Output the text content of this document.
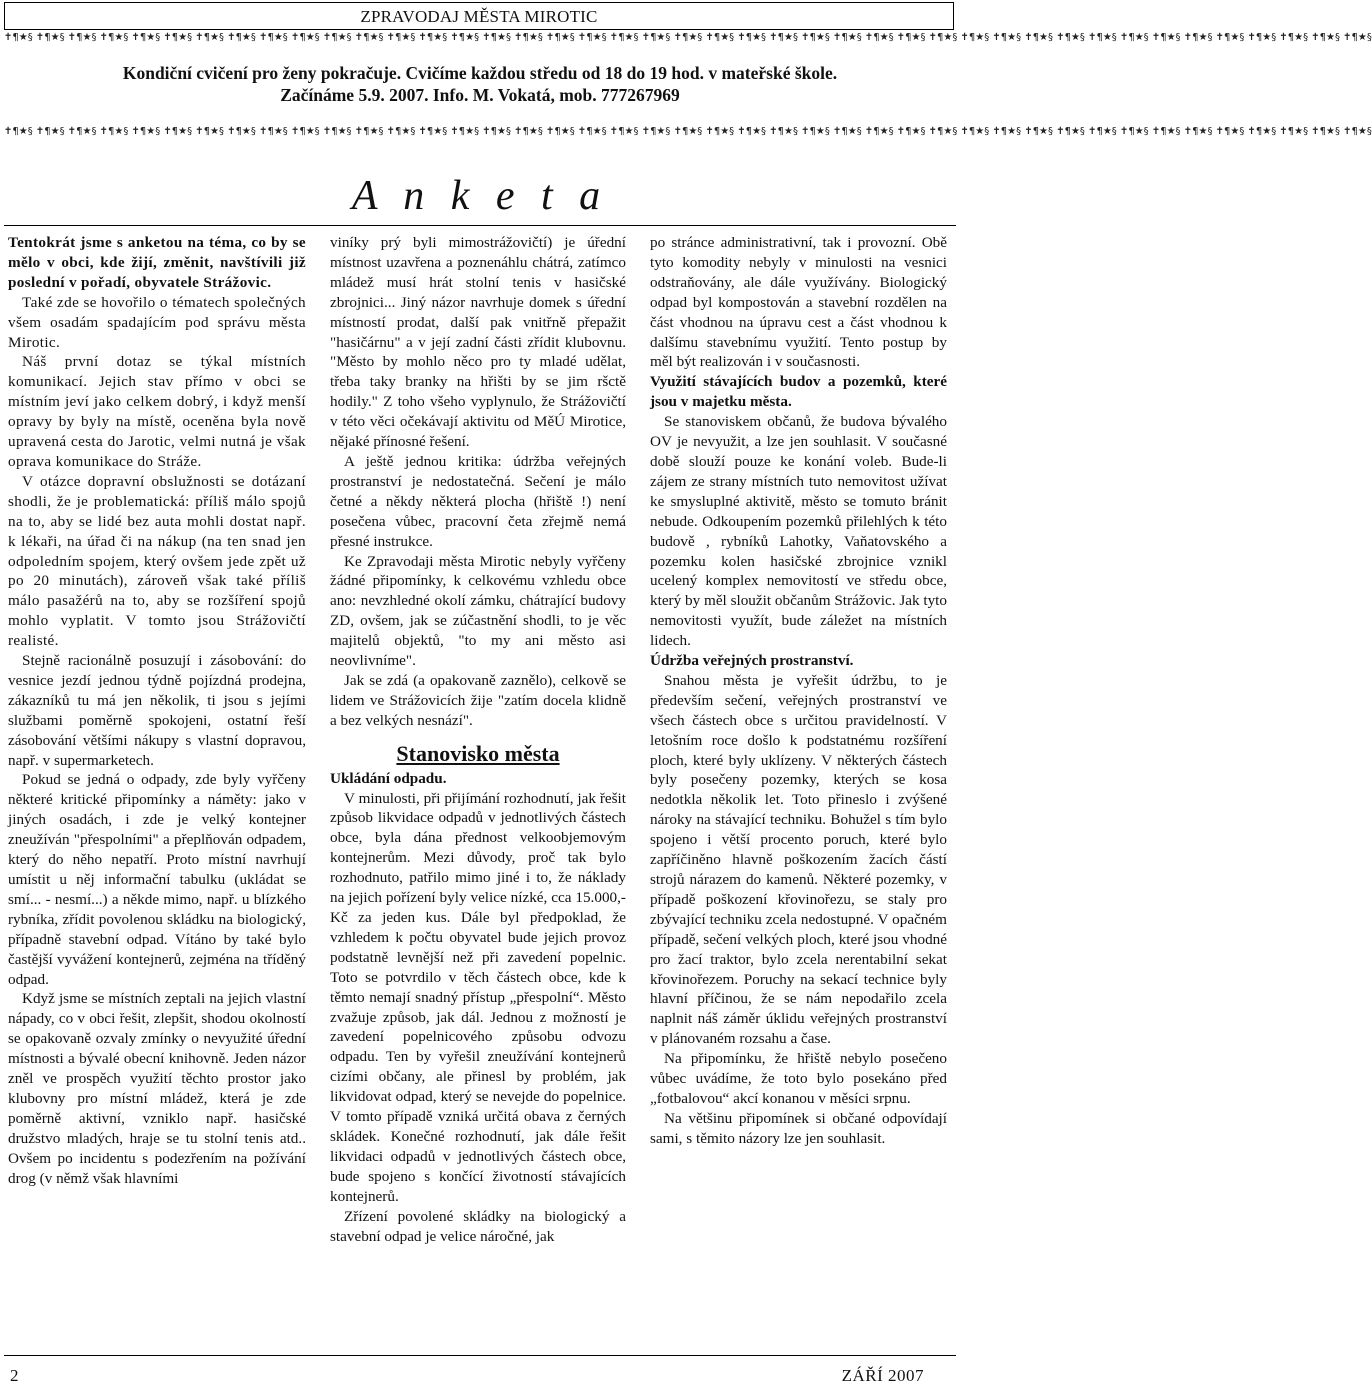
ZPRAVODAJ MĚSTA MIROTIC
✝¶★§ ✝¶★§ ✝¶★§ ✝¶★§ ✝¶★§ ✝¶★§ ✝¶★§ ✝¶★§ ✝¶★§ ✝¶★§ ✝¶★§ ✝¶★§ ✝¶★§ ✝¶★§ ✝¶★§ ✝¶★§ ✝¶★§ ✝¶★§ ✝¶★§ ✝¶★§ ✝¶★§ ✝¶★§ ✝¶★§ ✝¶★§ ✝¶★§ ✝¶★§ ✝¶★§ ✝¶★§ ✝¶★§ ✝¶★§ ✝¶★§ ✝¶★§ ✝¶★§ ✝¶★§ ✝¶★§ ✝¶★§ ✝¶★§ ✝¶★§ ✝¶★§ ✝¶★§ ✝¶★§ ✝¶★§ ✝¶★§
Kondiční cvičení pro ženy pokračuje. Cvičíme každou středu od 18 do 19 hod. v mateřské škole.
Začínáme 5.9. 2007. Info. M. Vokatá, mob. 777267969
✝¶★§ ✝¶★§ ✝¶★§ ✝¶★§ ✝¶★§ ✝¶★§ ✝¶★§ ✝¶★§ ✝¶★§ ✝¶★§ ✝¶★§ ✝¶★§ ✝¶★§ ✝¶★§ ✝¶★§ ✝¶★§ ✝¶★§ ✝¶★§ ✝¶★§ ✝¶★§ ✝¶★§ ✝¶★§ ✝¶★§ ✝¶★§ ✝¶★§ ✝¶★§ ✝¶★§ ✝¶★§ ✝¶★§ ✝¶★§ ✝¶★§ ✝¶★§ ✝¶★§ ✝¶★§ ✝¶★§ ✝¶★§ ✝¶★§ ✝¶★§ ✝¶★§ ✝¶★§ ✝¶★§ ✝¶★§ ✝¶★§
A n k e t a

Tentokrát jsme s anketou na téma, co by se mělo v obci, kde žijí, změnit, navštívili již poslední v pořadí, obyvatele Strážovic.

Také zde se hovořilo o tématech společných všem osadám spadajícím pod správu města Mirotic.

Náš první dotaz se týkal místních komunikací. Jejich stav přímo v obci se místním jeví jako celkem dobrý, i když menší opravy by byly na místě, oceněna byla nově upravená cesta do Jarotic, velmi nutná je však oprava komunikace do Stráže.

V otázce dopravní obslužnosti se dotázaní shodli, že je problematická: příliš málo spojů na to, aby se lidé bez auta mohli dostat např. k lékaři, na úřad či na nákup (na ten snad jen odpoledním spojem, který ovšem jede zpět už po 20 minutách), zároveň však také příliš málo pasažérů na to, aby se rozšíření spojů mohlo vyplatit. V tomto jsou Strážovičtí realisté.

Stejně racionálně posuzují i zásobování: do vesnice jezdí jednou týdně pojízdná prodejna, zákazníků tu má jen několik, ti jsou s jejími službami poměrně spokojeni, ostatní řeší zásobování většími nákupy s vlastní dopravou, např. v supermarketech.

Pokud se jedná o odpady, zde byly vyřčeny některé kritické připomínky a náměty: jako v jiných osadách, i zde je velký kontejner zneužíván "přespolními" a přeplňován odpadem, který do něho nepatří. Proto místní navrhují umístit u něj informační tabulku (ukládat se smí... - nesmí...) a někde mimo, např. u blízkého rybníka, zřídit povolenou skládku na biologický, případně stavební odpad. Vítáno by také bylo častější vyvážení kontejnerů, zejména na tříděný odpad.

Když jsme se místních zeptali na jejich vlastní nápady, co v obci řešit, zlepšit, shodou okolností se opakovaně ozvaly zmínky o nevyužité úřední místnosti a bývalé obecní knihovně. Jeden názor zněl ve prospěch využití těchto prostor jako klubovny pro místní mládež, která je zde poměrně aktivní, vzniklo např. hasičské družstvo mladých, hraje se tu stolní tenis atd.. Ovšem po incidentu s podezřením na požívání drog (v němž však hlavními

viníky prý byli mimostrážovičtí) je úřední místnost uzavřena a poznenáhlu chátrá, zatímco mládež musí hrát stolní tenis v hasičské zbrojnici... Jiný názor navrhuje domek s úřední místností prodat, další pak vnitřně přepažit "hasičárnu" a v její zadní části zřídit klubovnu. "Město by mohlo něco pro ty mladé udělat, třeba taky branky na hřišti by se jim ršctě hodily." Z toho všeho vyplynulo, že Strážovičtí v této věci očekávají aktivitu od MěÚ Mirotice, nějaké přínosné řešení.

A ještě jednou kritika: údržba veřejných prostranství je nedostatečná. Sečení je málo četné a někdy některá plocha (hřiště !) není posečena vůbec, pracovní četa zřejmě nemá přesné instrukce.

Ke Zpravodaji města Mirotic nebyly vyřčeny žádné připomínky, k celkovému vzhledu obce ano: nevzhledné okolí zámku, chátrající budovy ZD, ovšem, jak se zúčastnění shodli, to je věc majitelů objektů, "to my ani město asi neovlivníme".

Jak se zdá (a opakovaně zaznělo), celkově se lidem ve Strážovicích žije "zatím docela klidně a bez velkých nesnází".

Stanovisko města

Ukládání odpadu.

V minulosti, při přijímání rozhodnutí, jak řešit způsob likvidace odpadů v jednotlivých částech obce, byla dána přednost velkoobjemovým kontejnerům. Mezi důvody, proč tak bylo rozhodnuto, patřilo mimo jiné i to, že náklady na jejich pořízení byly velice nízké, cca 15.000,- Kč za jeden kus. Dále byl předpoklad, že vzhledem k počtu obyvatel bude jejich provoz podstatně levnější než při zavedení popelnic. Toto se potvrdilo v těch částech obce, kde k těmto nemají snadný přístup „přespolní“. Město zvažuje způsob, jak dál. Jednou z možností je zavedení popelnicového způsobu odvozu odpadu. Ten by vyřešil zneužívání kontejnerů cizími občany, ale přinesl by problém, jak likvidovat odpad, který se nevejde do popelnice. V tomto případě vzniká určitá obava z černých skládek. Konečné rozhodnutí, jak dále řešit likvidaci odpadů v jednotlivých částech obce, bude spojeno s končící životností stávajících kontejnerů.

Zřízení povolené skládky na biologický a stavební odpad je velice náročné, jak

po stránce administrativní, tak i provozní. Obě tyto komodity nebyly v minulosti na vesnici odstraňovány, ale dále využívány. Biologický odpad byl kompostován a stavební rozdělen na část vhodnou na úpravu cest a část vhodnou k dalšímu stavebnímu využití. Tento postup by měl být realizován i v současnosti.

Využití stávajících budov a pozemků, které jsou v majetku města.

Se stanoviskem občanů, že budova bývalého OV je nevyužit, a lze jen souhlasit. V současné době slouží pouze ke konání voleb. Bude-li zájem ze strany místních tuto nemovitost užívat ke smysluplné aktivitě, město se tomuto bránit nebude. Odkoupením pozemků přilehlých k této budově , rybníků Lahotky, Vaňatovského a pozemku kolen hasičské zbrojnice vznikl ucelený komplex nemovitostí ve středu obce, který by měl sloužit občanům Strážovic. Jak tyto nemovitosti využít, bude záležet na místních lidech.

Údržba veřejných prostranství.

Snahou města je vyřešit údržbu, to je především sečení, veřejných prostranství ve všech částech obce s určitou pravidelností. V letošním roce došlo k podstatnému rozšíření ploch, které byly uklízeny. V některých částech byly posečeny pozemky, kterých se kosa nedotkla několik let. Toto přineslo i zvýšené nároky na stávající techniku. Bohužel s tím bylo spojeno i větší procento poruch, které bylo zapříčiněno hlavně poškozením žacích částí strojů nárazem do kamenů. Některé pozemky, v případě poškození křovinořezu, se staly pro zbývající techniku zcela nedostupné. V opačném případě, sečení velkých ploch, které jsou vhodné pro žací traktor, bylo zcela nerentabilní sekat křovinořezem. Poruchy na sekací technice byly hlavní příčinou, že se nám nepodařilo zcela naplnit náš záměr úklidu veřejných prostranství v plánovaném rozsahu a čase.

Na připomínku, že hřiště nebylo posečeno vůbec uvádíme, že toto bylo posekáno před „fotbalovou“ akcí konanou v měsíci srpnu.

Na většinu připomínek si občané odpovídají sami, s těmito názory lze jen souhlasit.

2	ZÁŘÍ 2007
